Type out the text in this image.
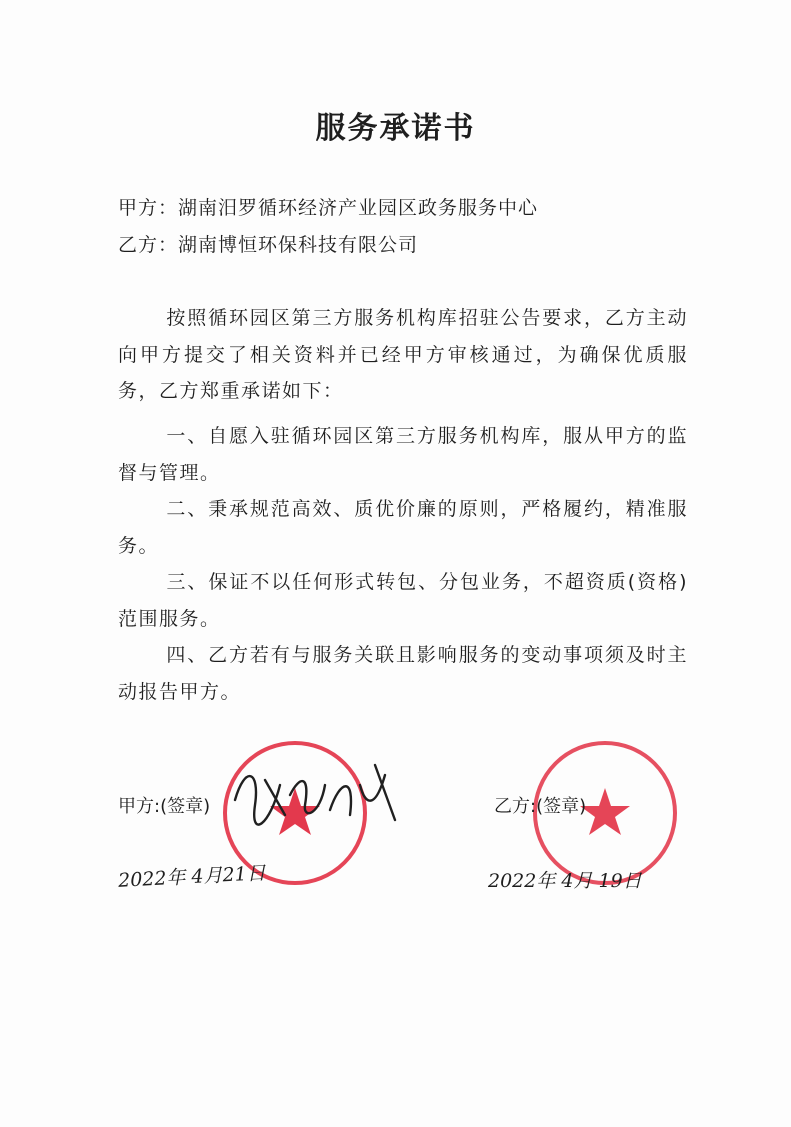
服务承诺书
甲方：湖南汨罗循环经济产业园区政务服务中心
乙方：湖南博恒环保科技有限公司
按照循环园区第三方服务机构库招驻公告要求，乙方主动向甲方提交了相关资料并已经甲方审核通过，为确保优质服务，乙方郑重承诺如下：
一、自愿入驻循环园区第三方服务机构库，服从甲方的监督与管理。
二、秉承规范高效、质优价廉的原则，严格履约，精准服务。
三、保证不以任何形式转包、分包业务，不超资质(资格)范围服务。
四、乙方若有与服务关联且影响服务的变动事项须及时主动报告甲方。
甲方:(签章)	乙方:(签章)
2022年 4月21日	2022年 4月 19日
